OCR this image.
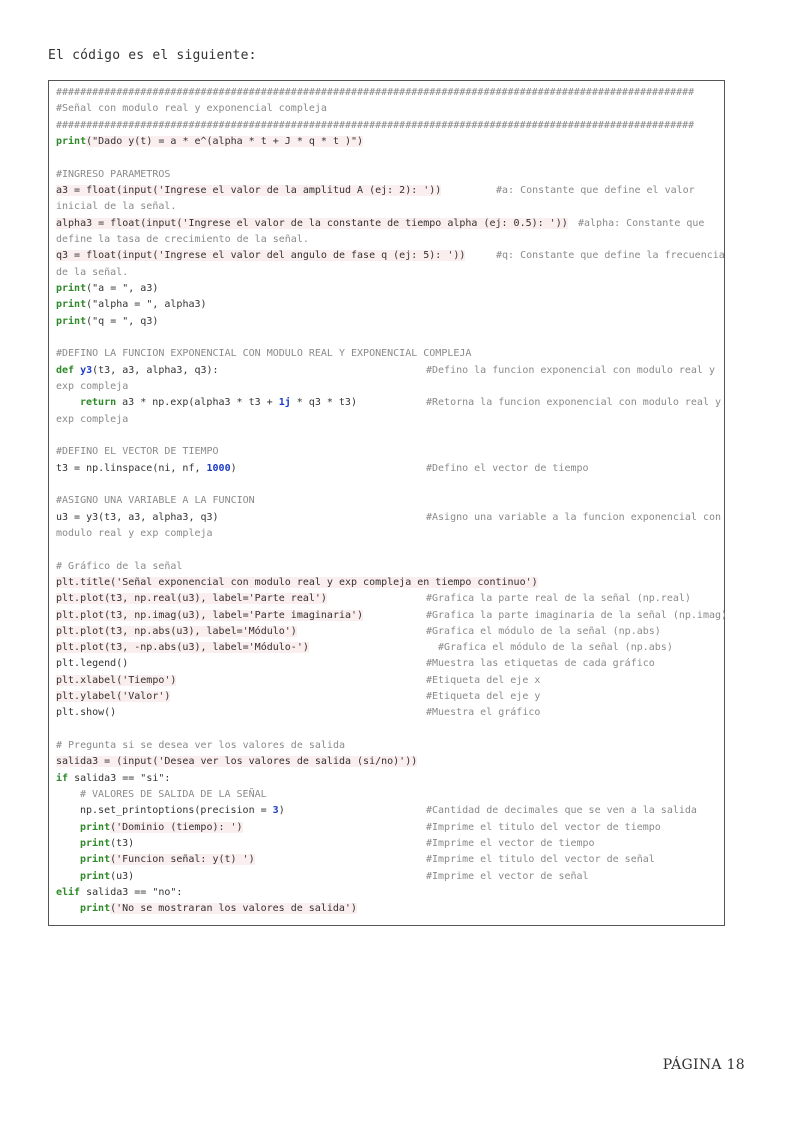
El código es el siguiente:
##########################################################################################################
#Señal con modulo real y exponencial compleja
##########################################################################################################
print("Dado y(t) = a * e^(alpha * t + J * q * t )")

#INGRESO PARAMETROS
a3 = float(input('Ingrese el valor de la amplitud A (ej: 2): '))	#a: Constante que define el valor
inicial de la señal.
alpha3 = float(input('Ingrese el valor de la constante de tiempo alpha (ej: 0.5): ')) #alpha: Constante que
define la tasa de crecimiento de la señal.
q3 = float(input('Ingrese el valor del angulo de fase q (ej: 5): '))	#q: Constante que define la frecuencia
de la señal.
print("a = ", a3)
print("alpha = ", alpha3)
print("q = ", q3)

#DEFINO LA FUNCION EXPONENCIAL CON MODULO REAL Y EXPONENCIAL COMPLEJA
def y3(t3, a3, alpha3, q3):	#Defino la funcion exponencial con modulo real y
exp compleja
return a3 * np.exp(alpha3 * t3 + 1j * q3 * t3)	#Retorna la funcion exponencial con modulo real y
exp compleja

#DEFINO EL VECTOR DE TIEMPO
t3 = np.linspace(ni, nf, 1000)	#Defino el vector de tiempo

#ASIGNO UNA VARIABLE A LA FUNCION
u3 = y3(t3, a3, alpha3, q3)	#Asigno una variable a la funcion exponencial con
modulo real y exp compleja

# Gráfico de la señal
plt.title('Señal exponencial con modulo real y exp compleja en tiempo continuo')
plt.plot(t3, np.real(u3), label='Parte real')	#Grafica la parte real de la señal (np.real)
plt.plot(t3, np.imag(u3), label='Parte imaginaria')	#Grafica la parte imaginaria de la señal (np.imag)
plt.plot(t3, np.abs(u3), label='Módulo')	#Grafica el módulo de la señal (np.abs)
plt.plot(t3, -np.abs(u3), label='Módulo-')	#Grafica el módulo de la señal (np.abs)
plt.legend()	#Muestra las etiquetas de cada gráfico
plt.xlabel('Tiempo')	#Etiqueta del eje x
plt.ylabel('Valor')	#Etiqueta del eje y
plt.show()	#Muestra el gráfico

# Pregunta si se desea ver los valores de salida
salida3 = (input('Desea ver los valores de salida (si/no)'))
if salida3 == "si":
# VALORES DE SALIDA DE LA SEÑAL
np.set_printoptions(precision = 3)	#Cantidad de decimales que se ven a la salida
print('Dominio (tiempo): ')	#Imprime el titulo del vector de tiempo
print(t3)	#Imprime el vector de tiempo
print('Funcion señal: y(t) ')	#Imprime el titulo del vector de señal
print(u3)	#Imprime el vector de señal
elif salida3 == "no":
print('No se mostraran los valores de salida')
PÁGINA 18
